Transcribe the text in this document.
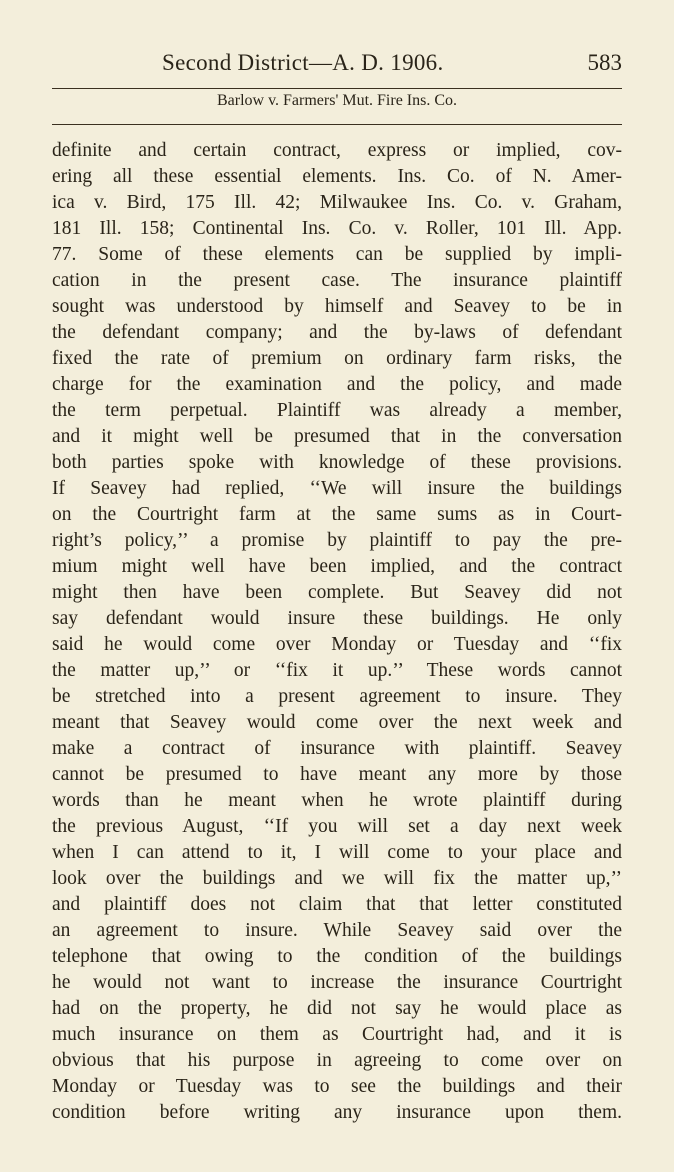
Second District—A. D. 1906.	583
Barlow v. Farmers' Mut. Fire Ins. Co.
definite and certain contract, express or implied, cov-
ering all these essential elements. Ins. Co. of N. Amer-
ica v. Bird, 175 Ill. 42; Milwaukee Ins. Co. v. Graham,
181 Ill. 158; Continental Ins. Co. v. Roller, 101 Ill. App.
77. Some of these elements can be supplied by impli-
cation in the present case. The insurance plaintiff
sought was understood by himself and Seavey to be in
the defendant company; and the by-laws of defendant
fixed the rate of premium on ordinary farm risks, the
charge for the examination and the policy, and made
the term perpetual. Plaintiff was already a member,
and it might well be presumed that in the conversation
both parties spoke with knowledge of these provisions.
If Seavey had replied, ‘‘We will insure the buildings
on the Courtright farm at the same sums as in Court-
right’s policy,’’ a promise by plaintiff to pay the pre-
mium might well have been implied, and the contract
might then have been complete. But Seavey did not
say defendant would insure these buildings. He only
said he would come over Monday or Tuesday and ‘‘fix
the matter up,’’ or ‘‘fix it up.’’ These words cannot
be stretched into a present agreement to insure. They
meant that Seavey would come over the next week and
make a contract of insurance with plaintiff. Seavey
cannot be presumed to have meant any more by those
words than he meant when he wrote plaintiff during
the previous August, ‘‘If you will set a day next week
when I can attend to it, I will come to your place and
look over the buildings and we will fix the matter up,’’
and plaintiff does not claim that that letter constituted
an agreement to insure. While Seavey said over the
telephone that owing to the condition of the buildings
he would not want to increase the insurance Courtright
had on the property, he did not say he would place as
much insurance on them as Courtright had, and it is
obvious that his purpose in agreeing to come over on
Monday or Tuesday was to see the buildings and their
condition before writing any insurance upon them.
